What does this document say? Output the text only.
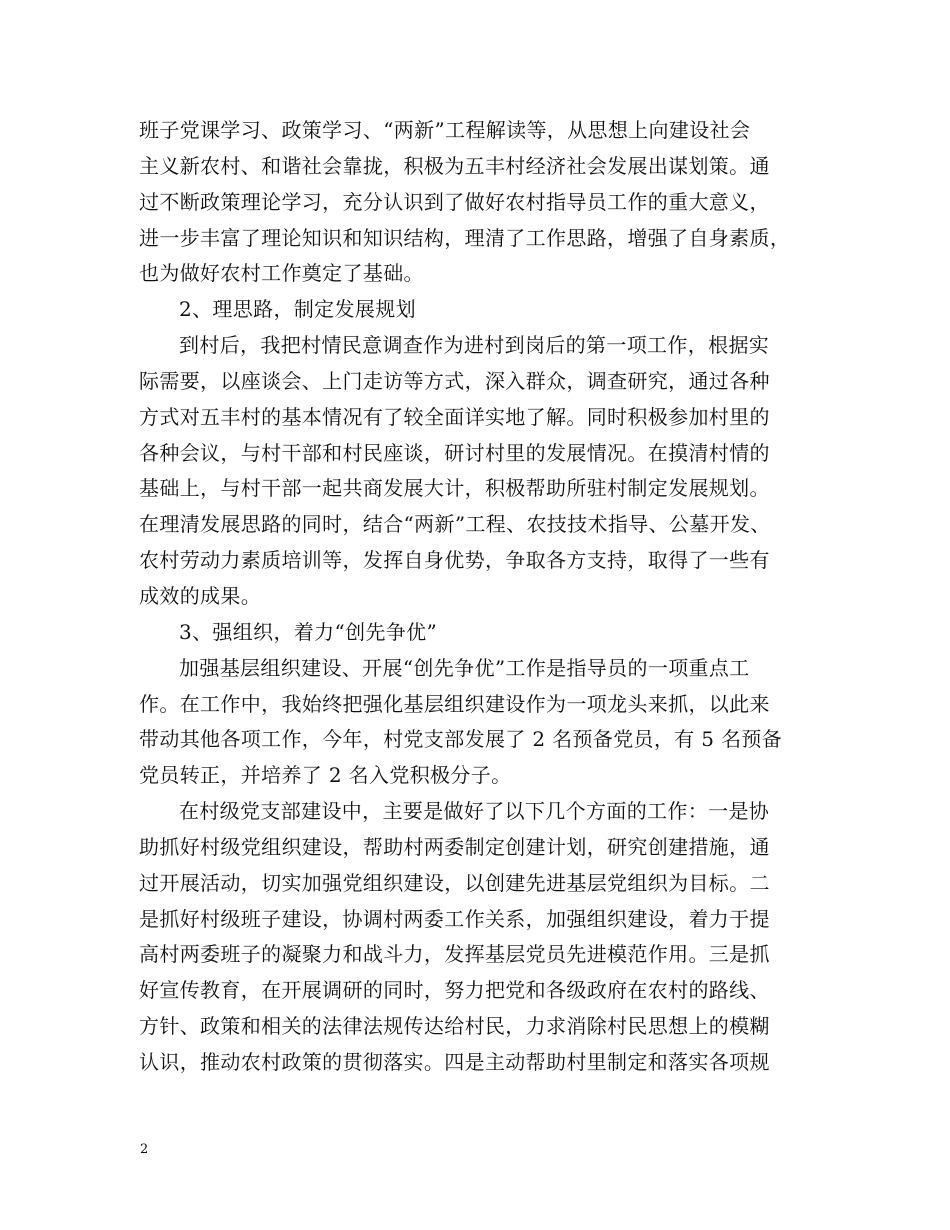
班子党课学习、政策学习、“两新”工程解读等，从思想上向建设社会
主义新农村、和谐社会靠拢，积极为五丰村经济社会发展出谋划策。通
过不断政策理论学习，充分认识到了做好农村指导员工作的重大意义，
进一步丰富了理论知识和知识结构，理清了工作思路，增强了自身素质，
也为做好农村工作奠定了基础。
2、理思路，制定发展规划
到村后，我把村情民意调查作为进村到岗后的第一项工作，根据实
际需要，以座谈会、上门走访等方式，深入群众，调查研究，通过各种
方式对五丰村的基本情况有了较全面详实地了解。同时积极参加村里的
各种会议，与村干部和村民座谈，研讨村里的发展情况。在摸清村情的
基础上，与村干部一起共商发展大计，积极帮助所驻村制定发展规划。
在理清发展思路的同时，结合“两新”工程、农技技术指导、公墓开发、
农村劳动力素质培训等，发挥自身优势，争取各方支持，取得了一些有
成效的成果。
3、强组织，着力“创先争优”
加强基层组织建设、开展“创先争优”工作是指导员的一项重点工
作。在工作中，我始终把强化基层组织建设作为一项龙头来抓，以此来
带动其他各项工作，今年，村党支部发展了 2 名预备党员，有 5 名预备
党员转正，并培养了 2 名入党积极分子。
在村级党支部建设中，主要是做好了以下几个方面的工作：一是协
助抓好村级党组织建设，帮助村两委制定创建计划，研究创建措施，通
过开展活动，切实加强党组织建设，以创建先进基层党组织为目标。二
是抓好村级班子建设，协调村两委工作关系，加强组织建设，着力于提
高村两委班子的凝聚力和战斗力，发挥基层党员先进模范作用。三是抓
好宣传教育，在开展调研的同时，努力把党和各级政府在农村的路线、
方针、政策和相关的法律法规传达给村民，力求消除村民思想上的模糊
认识，推动农村政策的贯彻落实。四是主动帮助村里制定和落实各项规
2
